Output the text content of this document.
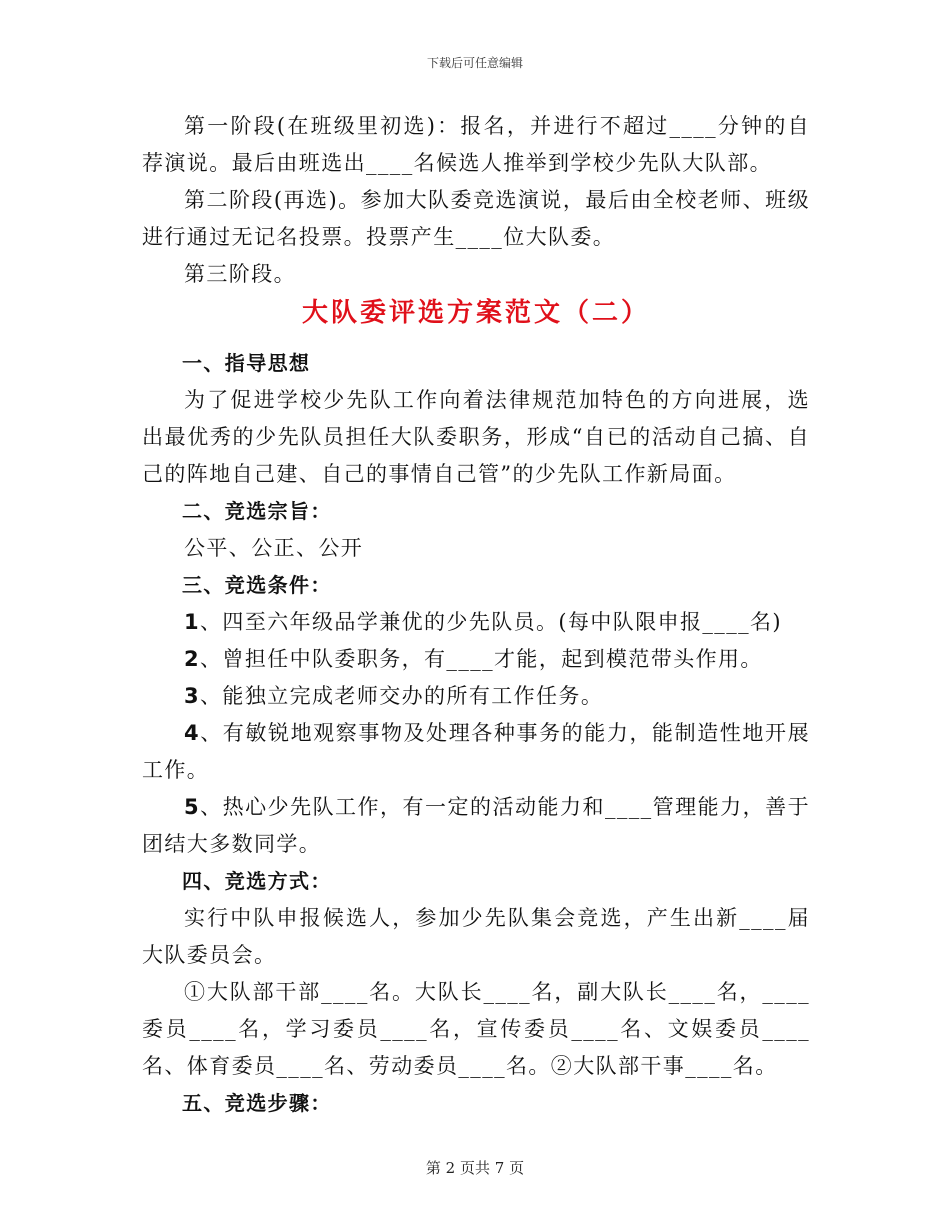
下载后可任意编辑

第一阶段(在班级里初选)：报名，并进行不超过____分钟的自荐演说。最后由班选出____名候选人推举到学校少先队大队部。

第二阶段(再选)。参加大队委竞选演说，最后由全校老师、班级进行通过无记名投票。投票产生____位大队委。

第三阶段。

大队委评选方案范文（二）

一、指导思想

为了促进学校少先队工作向着法律规范加特色的方向进展，选出最优秀的少先队员担任大队委职务，形成“自已的活动自己搞、自己的阵地自己建、自己的事情自己管”的少先队工作新局面。

二、竞选宗旨：

公平、公正、公开

三、竞选条件：

1、四至六年级品学兼优的少先队员。(每中队限申报____名)

2、曾担任中队委职务，有____才能，起到模范带头作用。

3、能独立完成老师交办的所有工作任务。

4、有敏锐地观察事物及处理各种事务的能力，能制造性地开展工作。

5、热心少先队工作，有一定的活动能力和____管理能力，善于团结大多数同学。

四、竞选方式：

实行中队申报候选人，参加少先队集会竞选，产生出新____届大队委员会。

①大队部干部____名。大队长____名，副大队长____名，____委员____名，学习委员____名，宣传委员____名、文娱委员____名、体育委员____名、劳动委员____名。②大队部干事____名。

五、竞选步骤：

第 2 页共 7 页
